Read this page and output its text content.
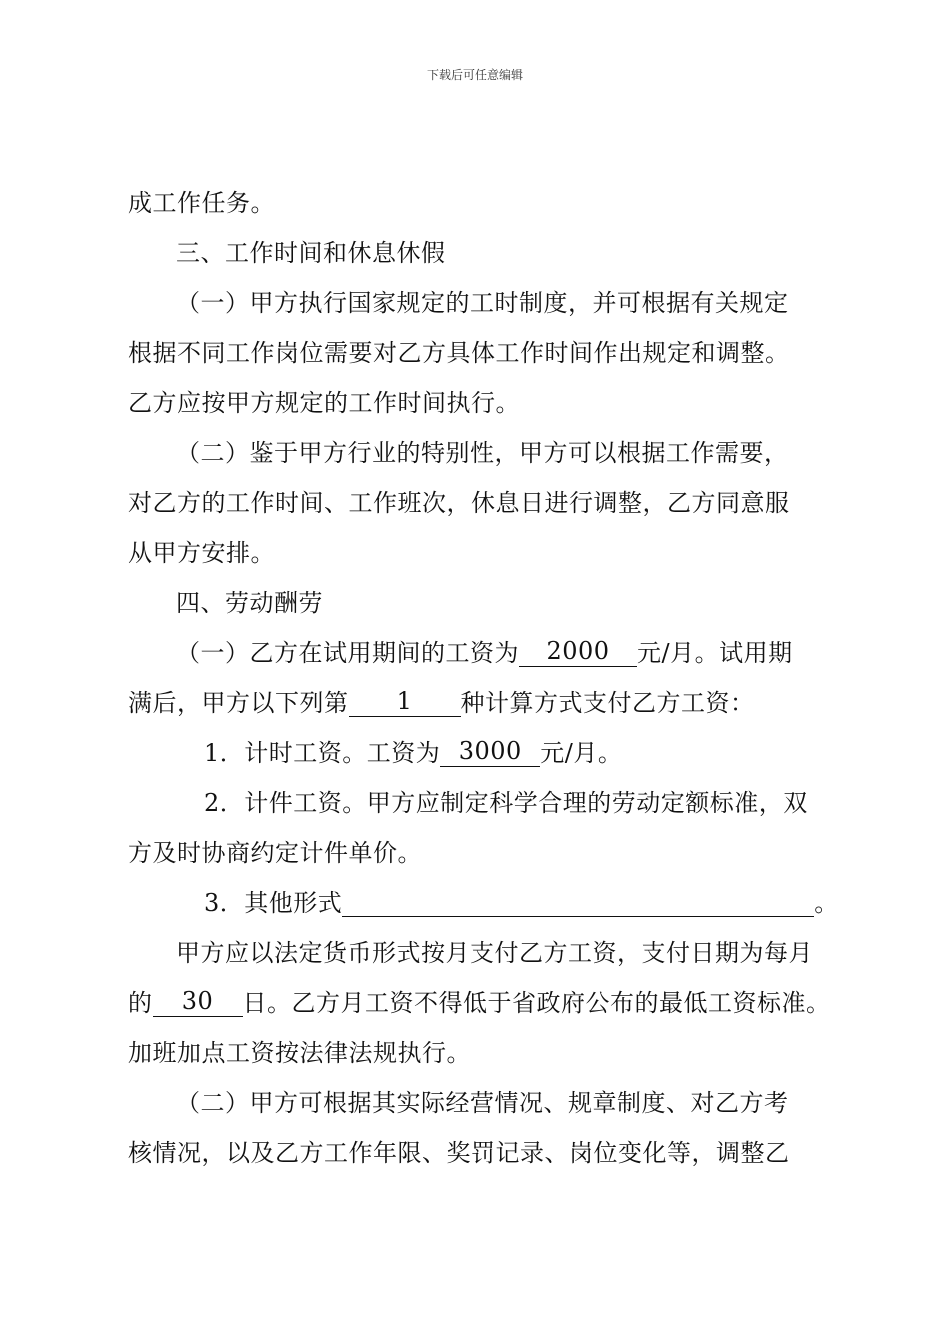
下载后可任意编辑
成工作任务。
三、工作时间和休息休假
（一）甲方执行国家规定的工时制度，并可根据有关规定
根据不同工作岗位需要对乙方具体工作时间作出规定和调整。
乙方应按甲方规定的工作时间执行。
（二）鉴于甲方行业的特别性，甲方可以根据工作需要，
对乙方的工作时间、工作班次，休息日进行调整，乙方同意服
从甲方安排。
四、劳动酬劳
（一）乙方在试用期间的工资为 2000 元/月。试用期
满后，甲方以下列第 1 种计算方式支付乙方工资：
1．计时工资。工资为 3000 元/月。
2．计件工资。甲方应制定科学合理的劳动定额标准，双
方及时协商约定计件单价。
3．其他形式	。
甲方应以法定货币形式按月支付乙方工资，支付日期为每月
的 30 日。乙方月工资不得低于省政府公布的最低工资标准。
加班加点工资按法律法规执行。
（二）甲方可根据其实际经营情况、规章制度、对乙方考
核情况，以及乙方工作年限、奖罚记录、岗位变化等，调整乙
